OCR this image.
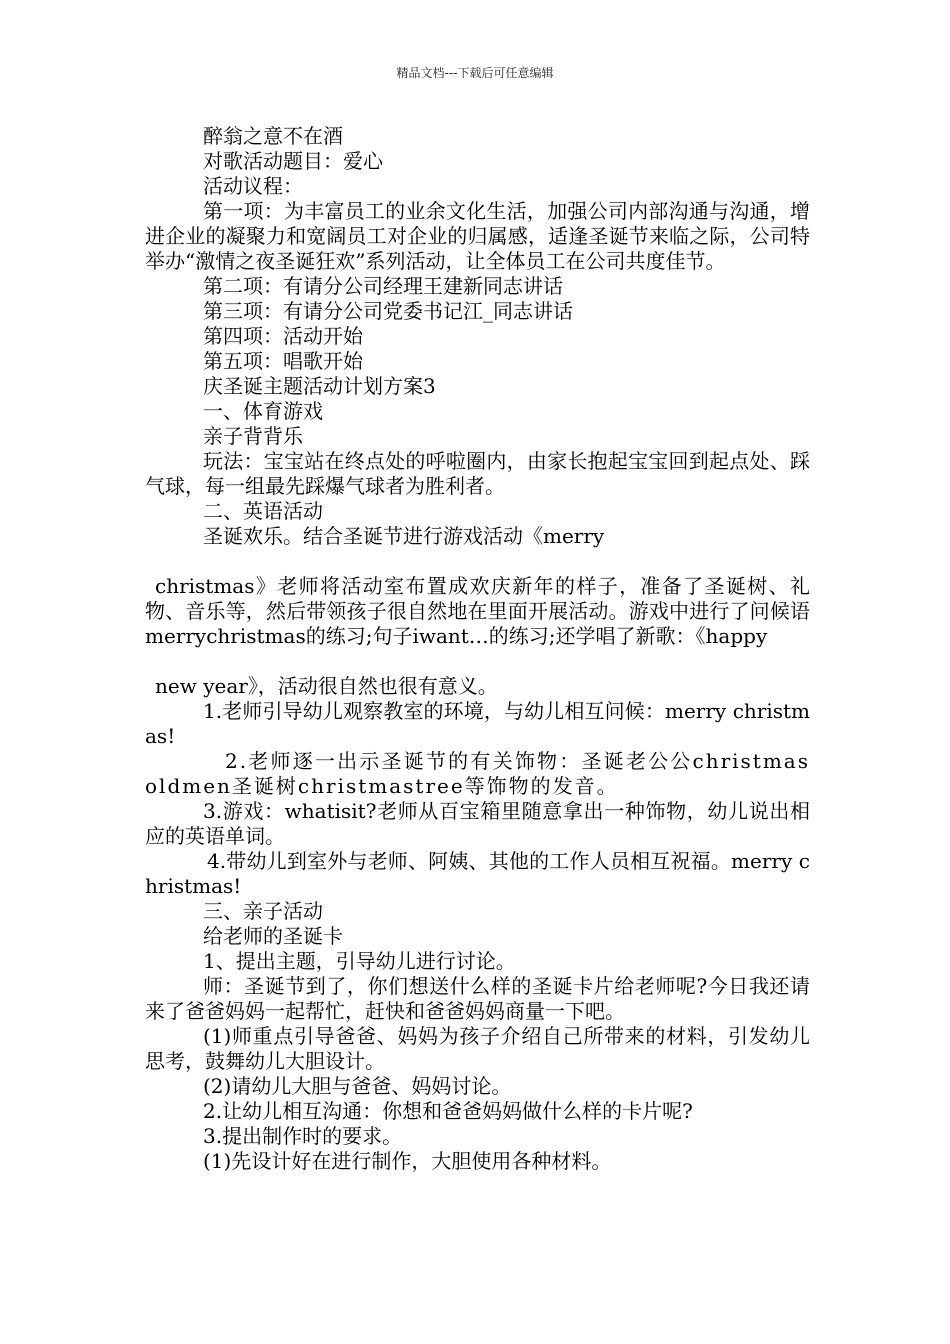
精品文档---下载后可任意编辑

醉翁之意不在酒

对歌活动题目：爱心

活动议程：

第一项：为丰富员工的业余文化生活，加强公司内部沟通与沟通，增进企业的凝聚力和宽阔员工对企业的归属感，适逢圣诞节来临之际，公司特举办“激情之夜圣诞狂欢”系列活动，让全体员工在公司共度佳节。

第二项：有请分公司经理王建新同志讲话

第三项：有请分公司党委书记江_同志讲话

第四项：活动开始

第五项：唱歌开始

庆圣诞主题活动计划方案3

一、体育游戏

亲子背背乐

玩法：宝宝站在终点处的呼啦圈内，由家长抱起宝宝回到起点处、踩气球，每一组最先踩爆气球者为胜利者。

二、英语活动

圣诞欢乐。结合圣诞节进行游戏活动《merry

christmas》老师将活动室布置成欢庆新年的样子，准备了圣诞树、礼物、音乐等，然后带领孩子很自然地在里面开展活动。游戏中进行了问候语merrychristmas的练习;句子iwant…的练习;还学唱了新歌：《happy

new year》，活动很自然也很有意义。

1.老师引导幼儿观察教室的环境，与幼儿相互问候：merry christmas!

2.老师逐一出示圣诞节的有关饰物：圣诞老公公christmasoldmen圣诞树christmastree等饰物的发音。

3.游戏：whatisit?老师从百宝箱里随意拿出一种饰物，幼儿说出相应的英语单词。

4.带幼儿到室外与老师、阿姨、其他的工作人员相互祝福。merry christmas!

三、亲子活动

给老师的圣诞卡

1、提出主题，引导幼儿进行讨论。

师：圣诞节到了，你们想送什么样的圣诞卡片给老师呢?今日我还请来了爸爸妈妈一起帮忙，赶快和爸爸妈妈商量一下吧。

(1)师重点引导爸爸、妈妈为孩子介绍自己所带来的材料，引发幼儿思考，鼓舞幼儿大胆设计。

(2)请幼儿大胆与爸爸、妈妈讨论。

2.让幼儿相互沟通：你想和爸爸妈妈做什么样的卡片呢?

3.提出制作时的要求。

(1)先设计好在进行制作，大胆使用各种材料。
